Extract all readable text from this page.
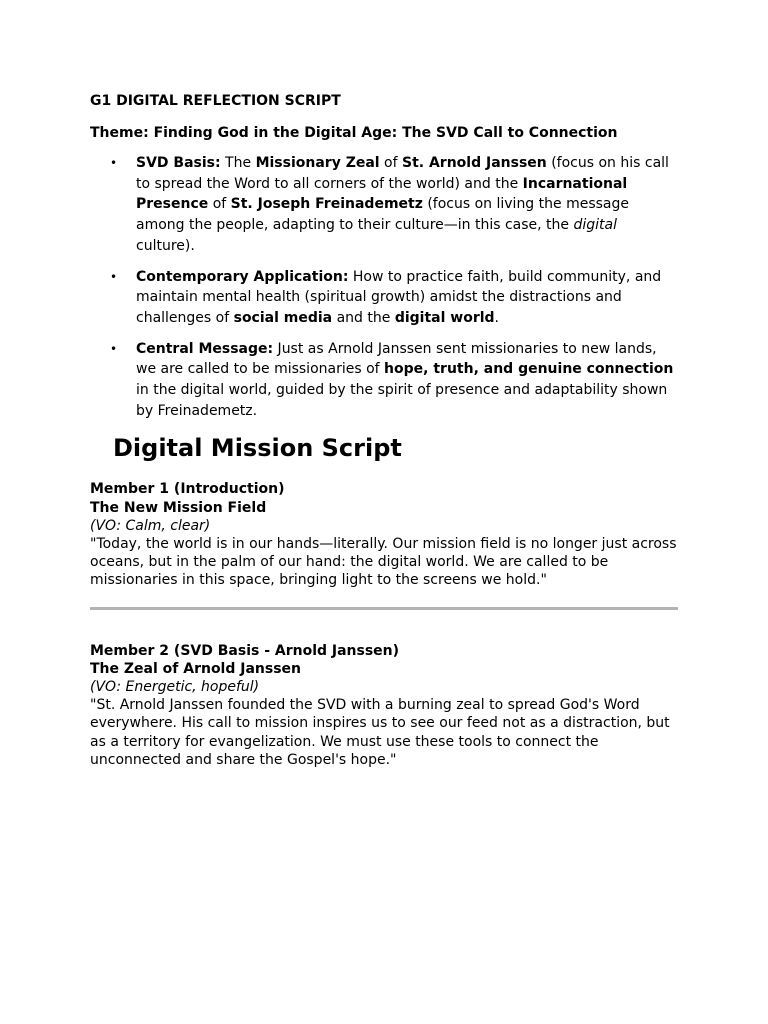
G1 DIGITAL REFLECTION SCRIPT

Theme: Finding God in the Digital Age: The SVD Call to Connection

• SVD Basis: The Missionary Zeal of St. Arnold Janssen (focus on his call to spread the Word to all corners of the world) and the Incarnational Presence of St. Joseph Freinademetz (focus on living the message among the people, adapting to their culture—in this case, the digital culture).
• Contemporary Application: How to practice faith, build community, and maintain mental health (spiritual growth) amidst the distractions and challenges of social media and the digital world.
• Central Message: Just as Arnold Janssen sent missionaries to new lands, we are called to be missionaries of hope, truth, and genuine connection in the digital world, guided by the spirit of presence and adaptability shown by Freinademetz.
Digital Mission Script
Member 1 (Introduction)
The New Mission Field
(VO: Calm, clear)
"Today, the world is in our hands—literally. Our mission field is no longer just across oceans, but in the palm of our hand: the digital world. We are called to be missionaries in this space, bringing light to the screens we hold."
Member 2 (SVD Basis - Arnold Janssen)
The Zeal of Arnold Janssen
(VO: Energetic, hopeful)
"St. Arnold Janssen founded the SVD with a burning zeal to spread God's Word everywhere. His call to mission inspires us to see our feed not as a distraction, but as a territory for evangelization. We must use these tools to connect the unconnected and share the Gospel's hope."
